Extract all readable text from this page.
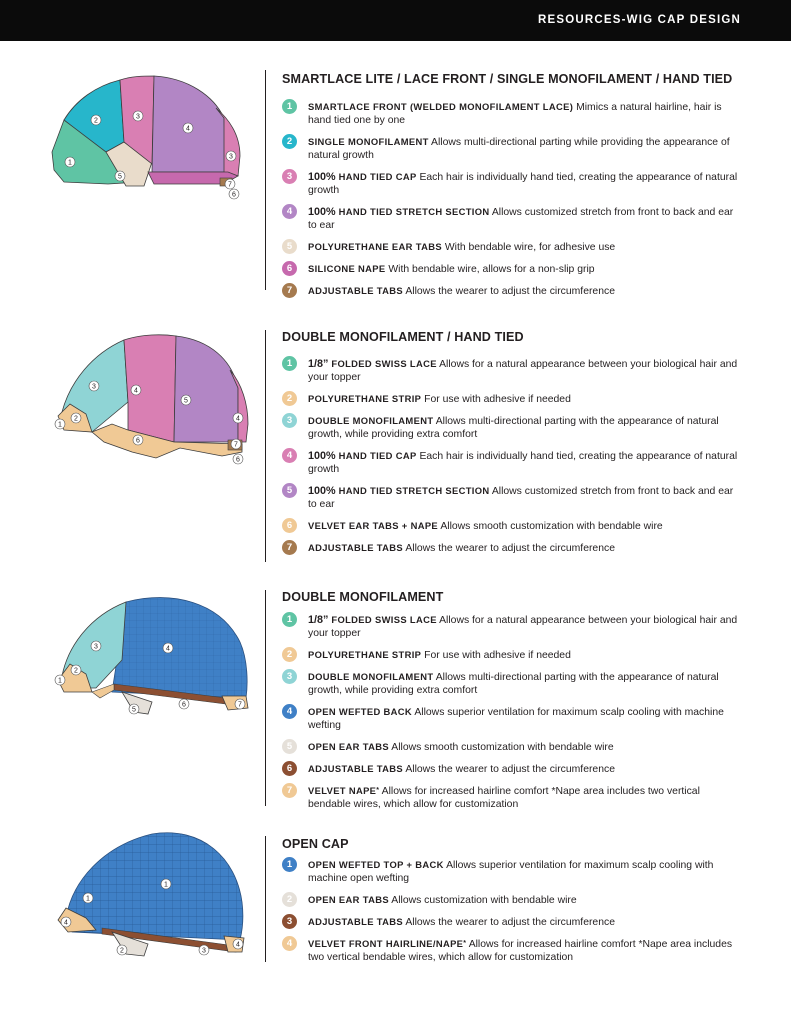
RESOURCES-WIG CAP DESIGN
1
2
3
4
5
6
7
3
SMARTLACE LITE / LACE FRONT / SINGLE MONOFILAMENT / HAND TIED
1	SMARTLACE FRONT (WELDED MONOFILAMENT LACE) Mimics a natural hairline, hair is hand tied one by one
2	SINGLE MONOFILAMENT Allows multi-directional parting while providing the appearance of natural growth
3	100% HAND TIED CAP Each hair is individually hand tied, creating the appearance of natural growth
4	100% HAND TIED STRETCH SECTION Allows customized stretch from front to back and ear to ear
5	POLYURETHANE EAR TABS With bendable wire, for adhesive use
6	SILICONE NAPE With bendable wire, allows for a non-slip grip
7	ADJUSTABLE TABS Allows the wearer to adjust the circumference
1
2
3
4
5
6
4
7
6
DOUBLE MONOFILAMENT / HAND TIED
1	1/8” FOLDED SWISS LACE Allows for a natural appearance between your biological hair and your topper
2	POLYURETHANE STRIP For use with adhesive if needed
3	DOUBLE MONOFILAMENT Allows multi-directional parting with the appearance of natural growth, while providing extra comfort
4	100% HAND TIED CAP Each hair is individually hand tied, creating the appearance of natural growth
5	100% HAND TIED STRETCH SECTION Allows customized stretch from front to back and ear to ear
6	VELVET EAR TABS + NAPE Allows smooth customization with bendable wire
7	ADJUSTABLE TABS Allows the wearer to adjust the circumference
1
2
3	4
5
6	7
DOUBLE MONOFILAMENT
1	1/8” FOLDED SWISS LACE Allows for a natural appearance between your biological hair and your topper
2	POLYURETHANE STRIP For use with adhesive if needed
3	DOUBLE MONOFILAMENT Allows multi-directional parting with the appearance of natural growth, while providing extra comfort
4	OPEN WEFTED BACK Allows superior ventilation for maximum scalp cooling with machine wefting
5	OPEN EAR TABS Allows smooth customization with bendable wire
6	ADJUSTABLE TABS Allows the wearer to adjust the circumference
7	VELVET NAPE* Allows for increased hairline comfort *Nape area includes two vertical bendable wires, which allow for customization
1
1
4
2	3
4
OPEN CAP
1	OPEN WEFTED TOP + BACK Allows superior ventilation for maximum scalp cooling with machine open wefting
2	OPEN EAR TABS Allows customization with bendable wire
3	ADJUSTABLE TABS Allows the wearer to adjust the circumference
4	VELVET FRONT HAIRLINE/NAPE* Allows for increased hairline comfort *Nape area includes two vertical bendable wires, which allow for customization
